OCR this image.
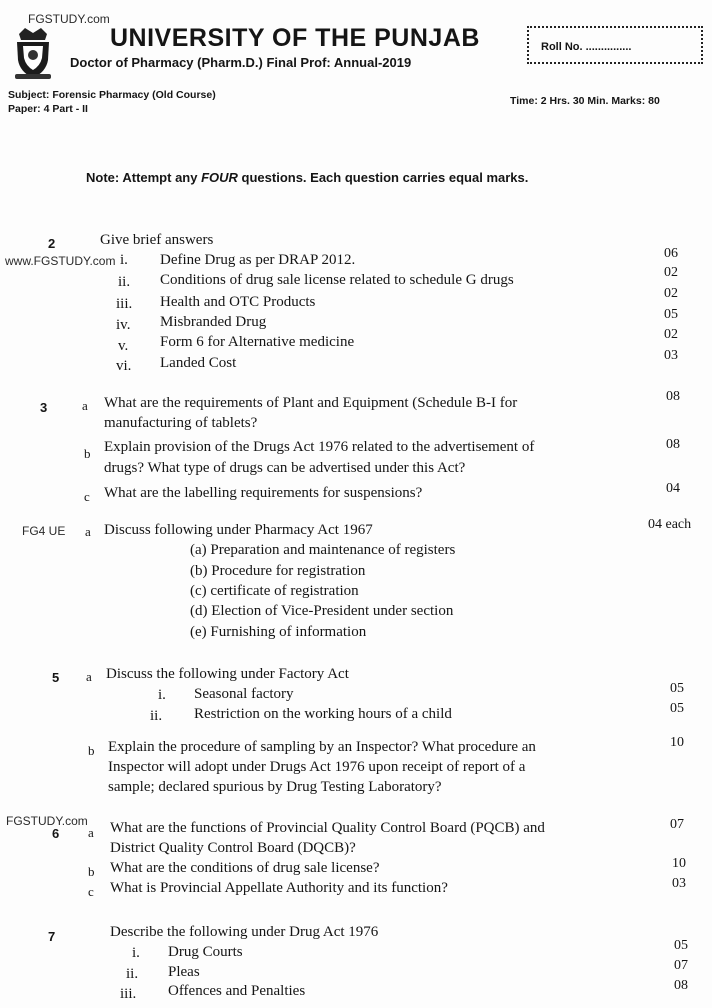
FGSTUDY.com
UNIVERSITY OF THE PUNJAB
Doctor of Pharmacy (Pharm.D.) Final Prof: Annual-2019
Roll No. ...............
Subject: Forensic Pharmacy (Old Course)
Paper: 4 Part - II
Time: 2 Hrs. 30 Min. Marks: 80
Note: Attempt any FOUR questions. Each question carries equal marks.
2	Give brief answers
www.FGSTUDY.com i. Define Drug as per DRAP 2012.	06
ii. Conditions of drug sale license related to schedule G drugs	02
iii. Health and OTC Products
02
iv. Misbranded Drug	05
v. Form 6 for Alternative medicine	02
vi. Landed Cost	03
3	a What are the requirements of Plant and Equipment (Schedule B-I for
manufacturing of tablets?
08
b Explain provision of the Drugs Act 1976 related to the advertisement of
drugs? What type of drugs can be advertised under this Act?
08
c What are the labelling requirements for suspensions?	04
FG4 UE a Discuss following under Pharmacy Act 1967	04 each
(a) Preparation and maintenance of registers
(b) Procedure for registration
(c) certificate of registration
(d) Election of Vice-President under section
(e) Furnishing of information
5 a Discuss the following under Factory Act
i. Seasonal factory	05
ii. Restriction on the working hours of a child	05
b Explain the procedure of sampling by an Inspector? What procedure an
Inspector will adopt under Drugs Act 1976 upon receipt of report of a
sample; declared spurious by Drug Testing Laboratory?
10
FGSTUDY.com
6 a What are the functions of Provincial Quality Control Board (PQCB) and
District Quality Control Board (DQCB)?
07
b What are the conditions of drug sale license?	10
c What is Provincial Appellate Authority and its function?	03
7	Describe the following under Drug Act 1976
i. Drug Courts	05
ii. Pleas	07
iii. Offences and Penalties	08
